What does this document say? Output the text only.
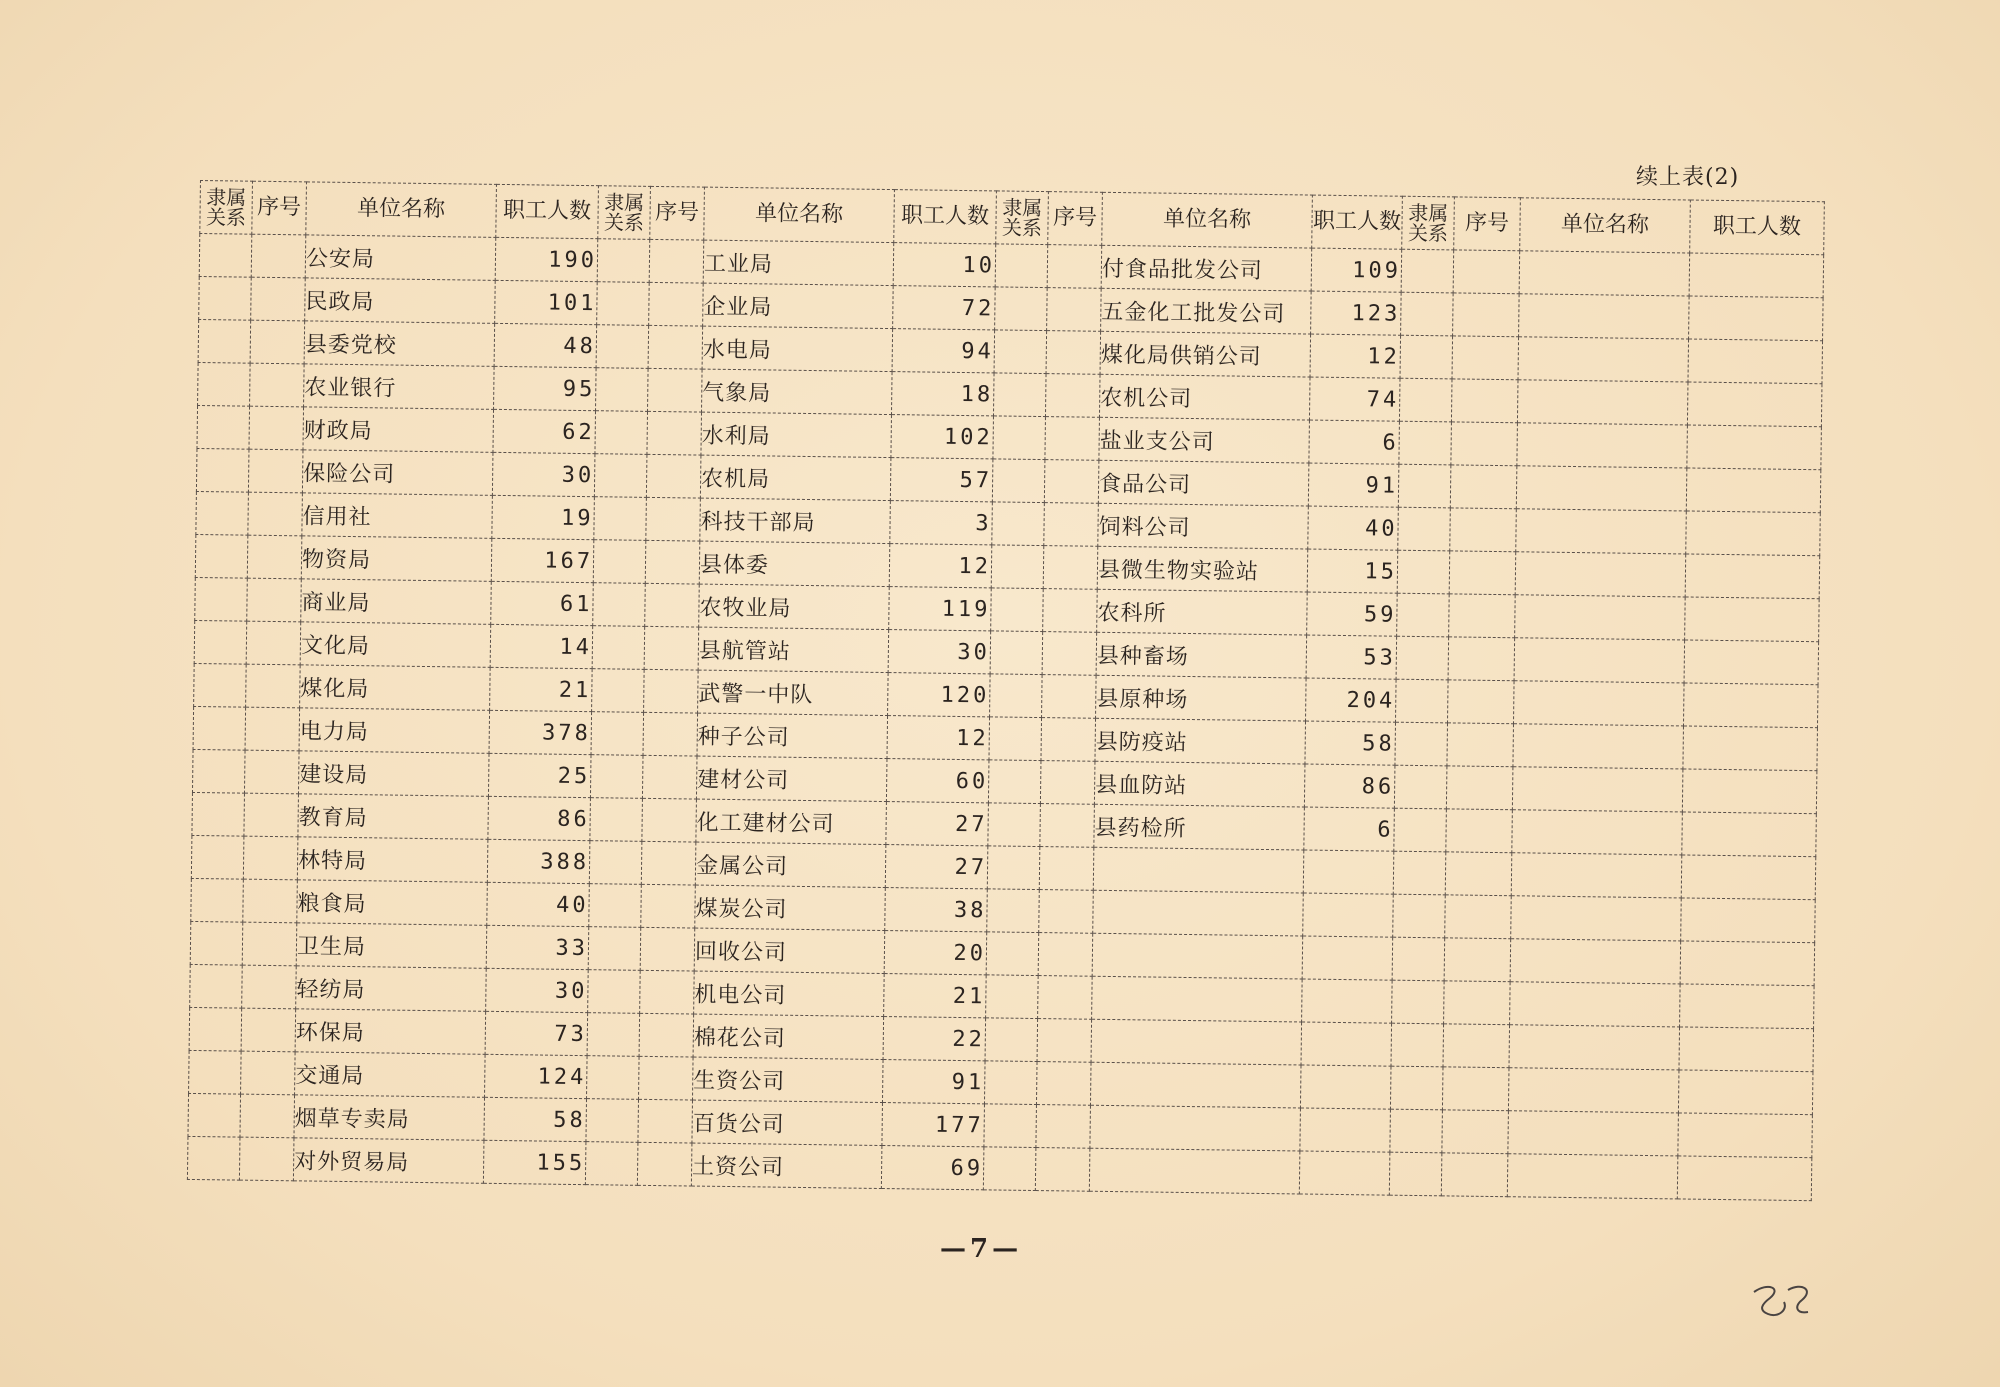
续上表(2)
隶属关系	序号	单位名称	职工人数	隶属关系	序号	单位名称	职工人数	隶属关系	序号	单位名称	职工人数	隶属关系	序号	单位名称	职工人数
		公安局	190			工业局	10			付食品批发公司	109				
		民政局	101			企业局	72			五金化工批发公司	123				
		县委党校	48			水电局	94			煤化局供销公司	12				
		农业银行	95			气象局	18			农机公司	74				
		财政局	62			水利局	102			盐业支公司	6				
		保险公司	30			农机局	57			食品公司	91				
		信用社	19			科技干部局	3			饲料公司	40				
		物资局	167			县体委	12			县微生物实验站	15				
		商业局	61			农牧业局	119			农科所	59				
		文化局	14			县航管站	30			县种畜场	53				
		煤化局	21			武警一中队	120			县原种场	204				
		电力局	378			种子公司	12			县防疫站	58				
		建设局	25			建材公司	60			县血防站	86				
		教育局	86			化工建材公司	27			县药检所	6				
		林特局	388			金属公司	27								
		粮食局	40			煤炭公司	38								
		卫生局	33			回收公司	20								
		轻纺局	30			机电公司	21								
		环保局	73			棉花公司	22								
		交通局	124			生资公司	91								
		烟草专卖局	58			百货公司	177								
		对外贸易局	155			土资公司	69								
—7—
